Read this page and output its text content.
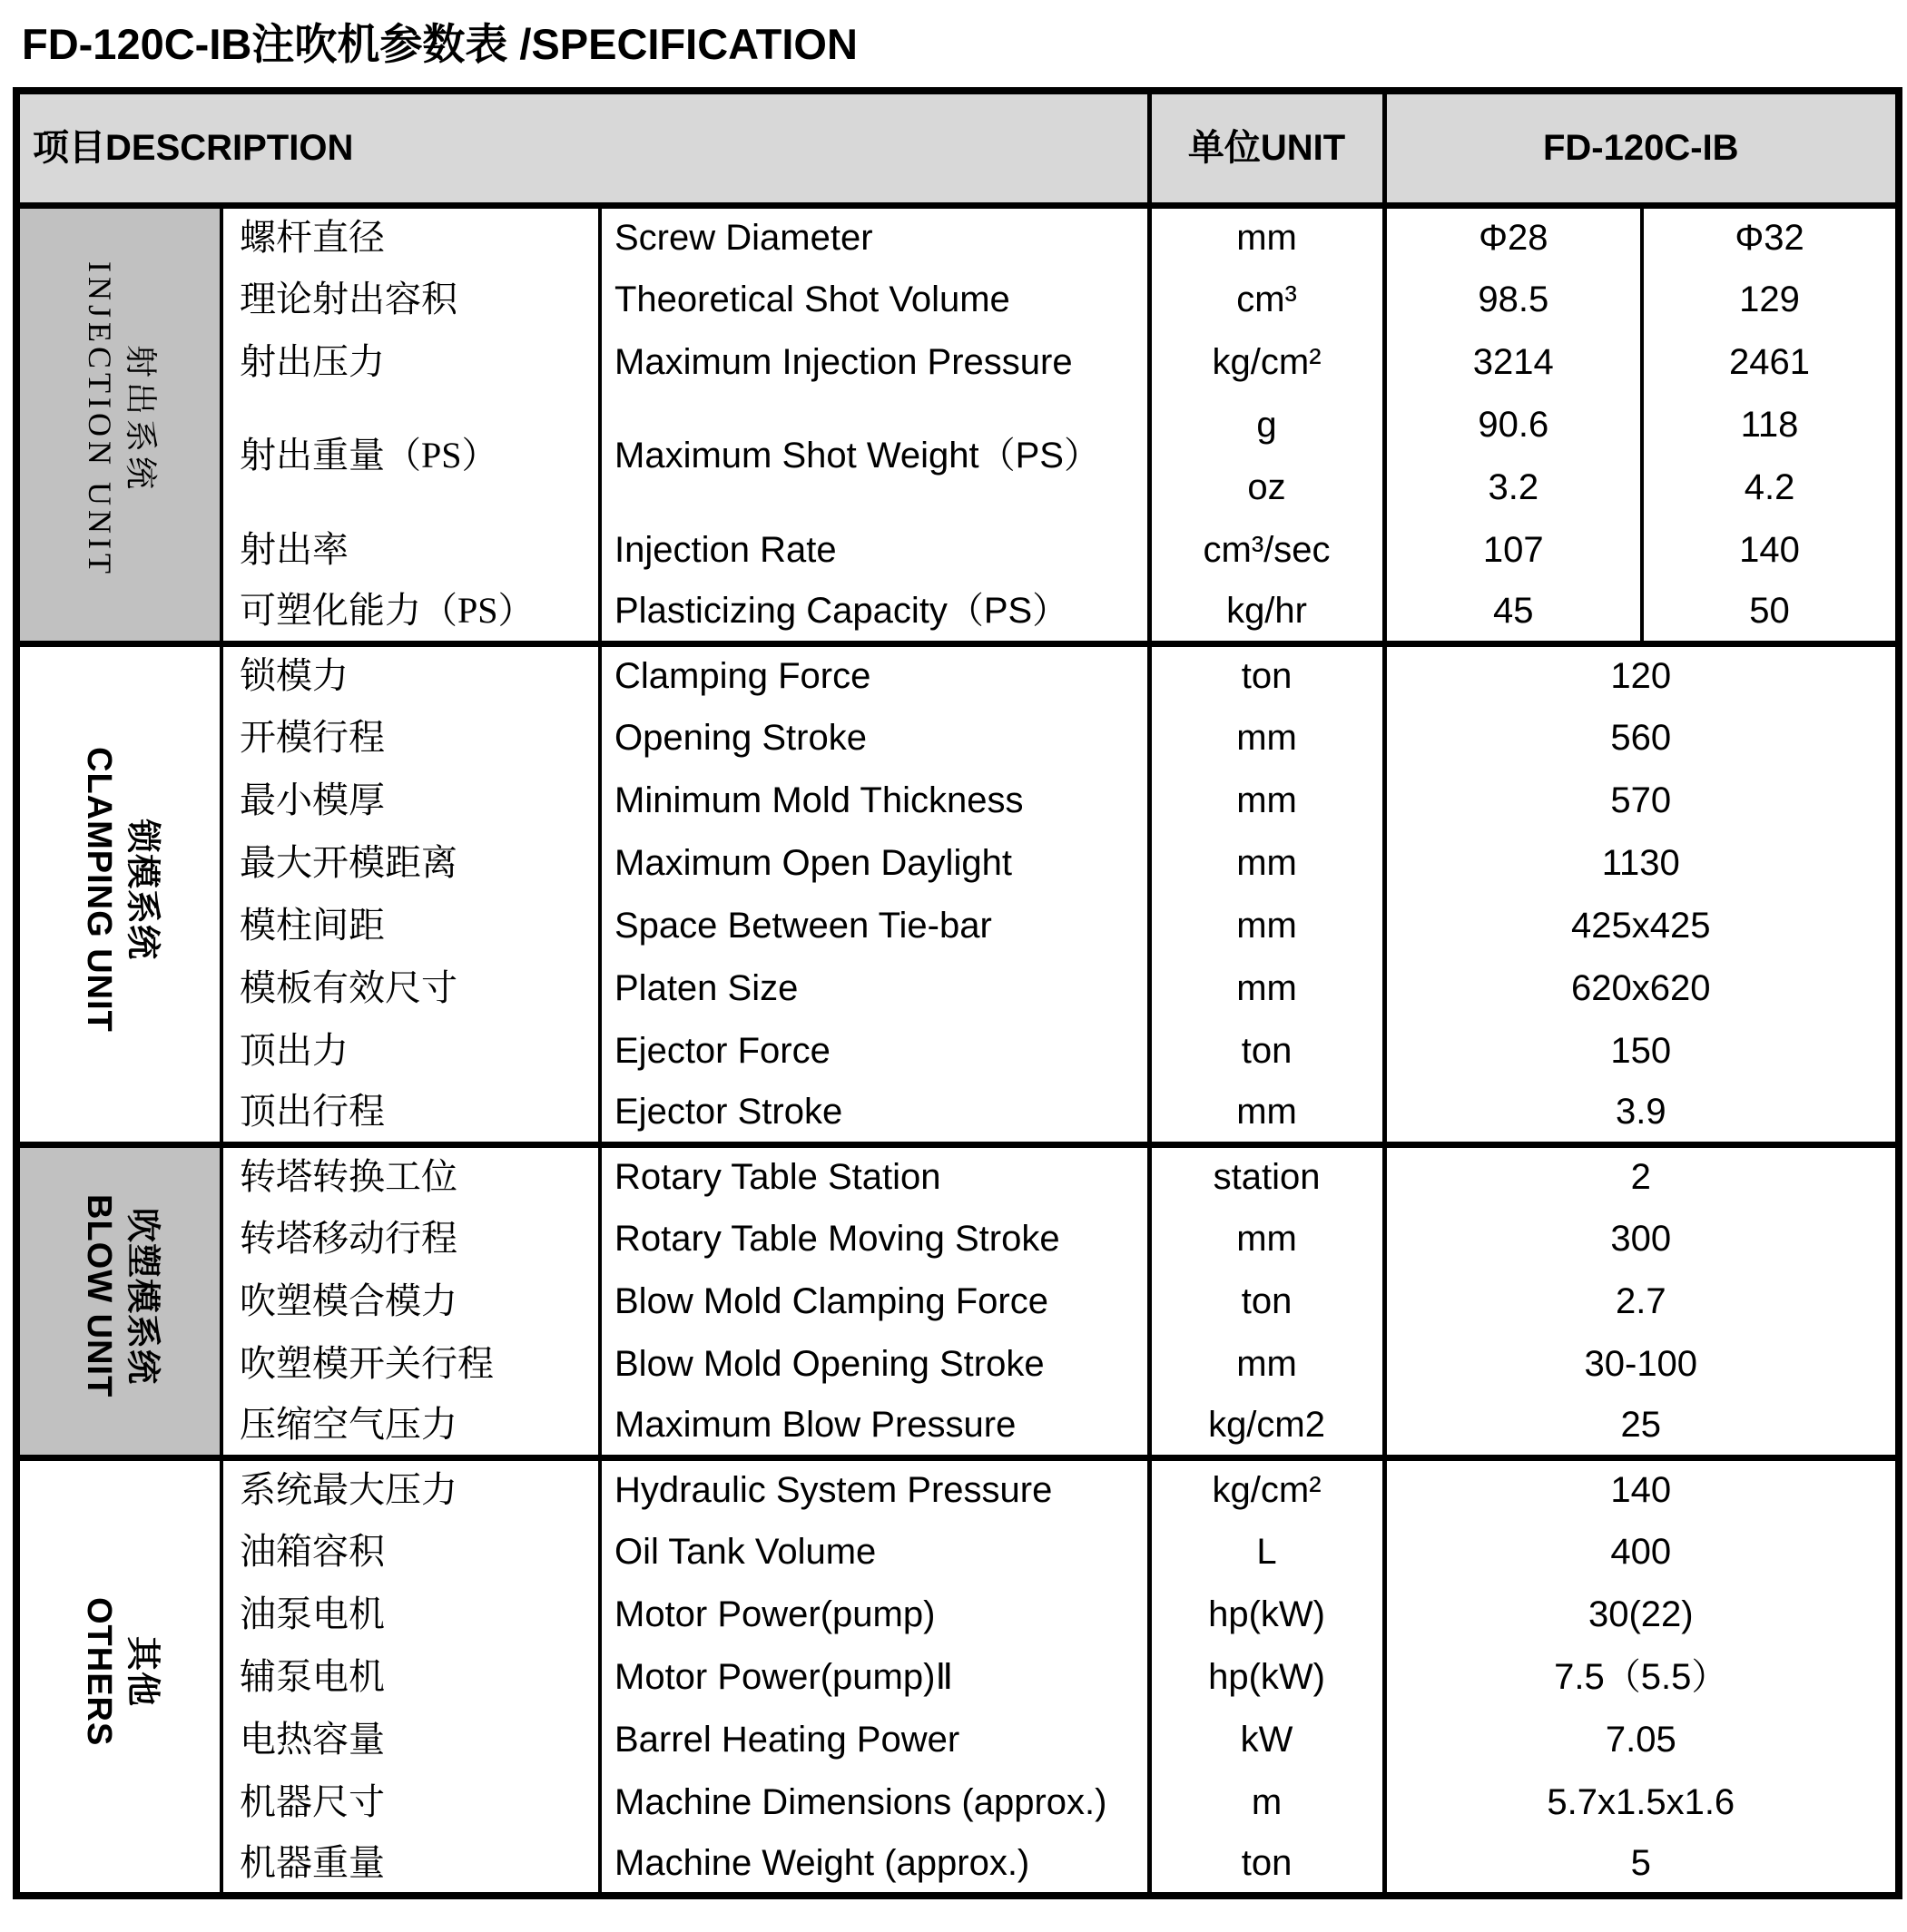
FD-120C-IB注吹机参数表 /SPECIFICATION
项目DESCRIPTION			单位UNIT	FD-120C-IB	
射出系统
INJECTION UNIT	螺杆直径	Screw Diameter	mm	Φ28	Φ32
	理论射出容积	Theoretical Shot Volume	cm³	98.5	129
	射出压力	Maximum Injection Pressure	kg/cm²	3214	2461
	射出重量（PS）	Maximum Shot Weight（PS）	g	90.6	118
			oz	3.2	4.2
	射出率	Injection Rate	cm³/sec	107	140
	可塑化能力（PS）	Plasticizing Capacity（PS）	kg/hr	45	50
锁模系统
CLAMPING UNIT	锁模力	Clamping Force	ton	120	
	开模行程	Opening Stroke	mm	560	
	最小模厚	Minimum Mold Thickness	mm	570	
	最大开模距离	Maximum Open Daylight	mm	1130	
	模柱间距	Space Between Tie-bar	mm	425x425	
	模板有效尺寸	Platen Size	mm	620x620	
	顶出力	Ejector Force	ton	150	
	顶出行程	Ejector Stroke	mm	3.9	
吹塑模系统
BLOW UNIT	转塔转换工位	Rotary Table Station	station	2	
	转塔移动行程	Rotary Table Moving Stroke	mm	300	
	吹塑模合模力	Blow Mold Clamping Force	ton	2.7	
	吹塑模开关行程	Blow Mold Opening Stroke	mm	30-100	
	压缩空气压力	Maximum Blow Pressure	kg/cm2	25	
其他
OTHERS	系统最大压力	Hydraulic System Pressure	kg/cm²	140	
	油箱容积	Oil Tank Volume	L	400	
	油泵电机	Motor Power(pump)	hp(kW)	30(22)	
	辅泵电机	Motor Power(pump)Ⅱ	hp(kW)	7.5（5.5）	
	电热容量	Barrel Heating Power	kW	7.05	
	机器尺寸	Machine Dimensions (approx.)	m	5.7x1.5x1.6	
	机器重量	Machine Weight (approx.)	ton	5	
